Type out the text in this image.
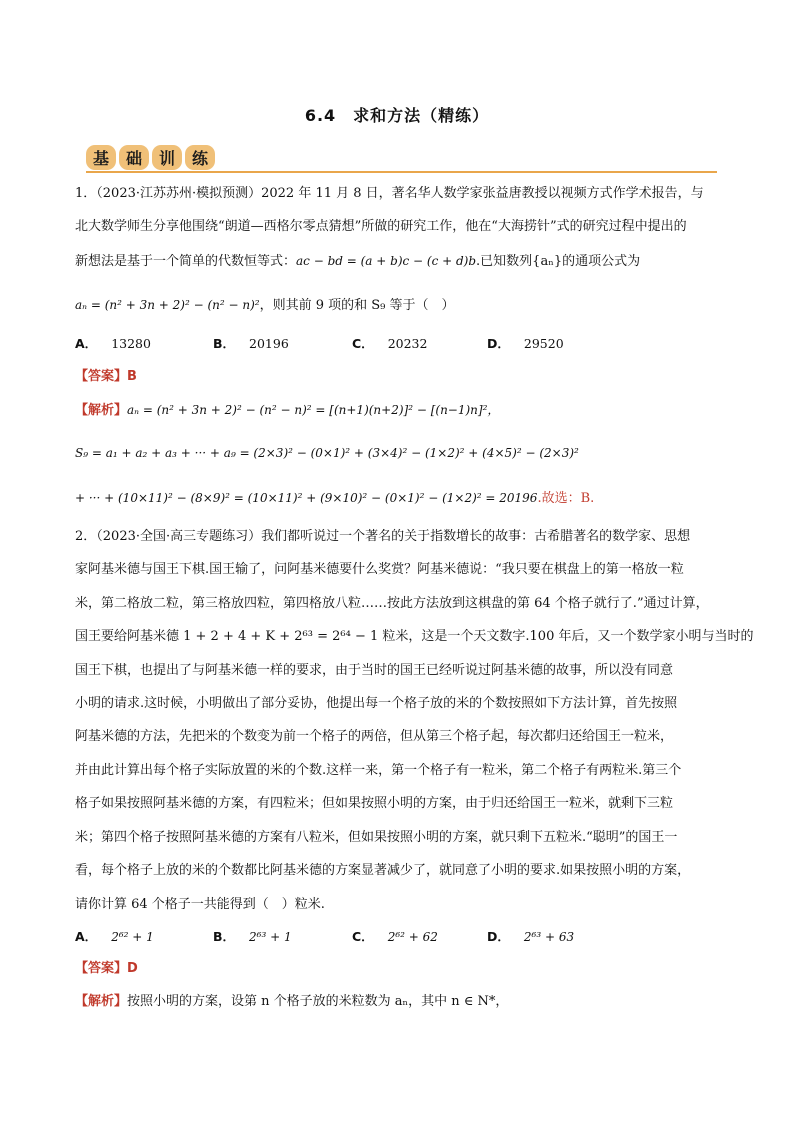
6.4　求和方法（精练）
基	础	训	练
1．（2023·江苏苏州·模拟预测）2022 年 11 月 8 日，著名华人数学家张益唐教授以视频方式作学术报告，与
北大数学师生分享他围绕“朗道—西格尔零点猜想”所做的研究工作，他在“大海捞针”式的研究过程中提出的
新想法是基于一个简单的代数恒等式：ac − bd = (a + b)c − (c + d)b.已知数列{aₙ}的通项公式为
aₙ = (n² + 3n + 2)² − (n² − n)²，则其前 9 项的和 S₉ 等于（　）
A． 13280	B． 20196	C． 20232	D． 29520
【答案】B
【解析】aₙ = (n² + 3n + 2)² − (n² − n)² = [(n+1)(n+2)]² − [(n−1)n]²，
S₉ = a₁ + a₂ + a₃ + ··· + a₉ = (2×3)² − (0×1)² + (3×4)² − (1×2)² + (4×5)² − (2×3)²
+ ··· + (10×11)² − (8×9)² = (10×11)² + (9×10)² − (0×1)² − (1×2)² = 20196.故选：B.
2．（2023·全国·高三专题练习）我们都听说过一个著名的关于指数增长的故事：古希腊著名的数学家、思想
家阿基米德与国王下棋.国王输了，问阿基米德要什么奖赏？阿基米德说：“我只要在棋盘上的第一格放一粒
米，第二格放二粒，第三格放四粒，第四格放八粒……按此方法放到这棋盘的第 64 个格子就行了.”通过计算，
国王要给阿基米德 1 + 2 + 4 + K + 2⁶³ = 2⁶⁴ − 1 粒米，这是一个天文数字.100 年后，又一个数学家小明与当时的
国王下棋，也提出了与阿基米德一样的要求，由于当时的国王已经听说过阿基米德的故事，所以没有同意
小明的请求.这时候，小明做出了部分妥协，他提出每一个格子放的米的个数按照如下方法计算，首先按照
阿基米德的方法，先把米的个数变为前一个格子的两倍，但从第三个格子起，每次都归还给国王一粒米，
并由此计算出每个格子实际放置的米的个数.这样一来，第一个格子有一粒米，第二个格子有两粒米.第三个
格子如果按照阿基米德的方案，有四粒米；但如果按照小明的方案，由于归还给国王一粒米，就剩下三粒
米；第四个格子按照阿基米德的方案有八粒米，但如果按照小明的方案，就只剩下五粒米.“聪明”的国王一
看，每个格子上放的米的个数都比阿基米德的方案显著减少了，就同意了小明的要求.如果按照小明的方案，
请你计算 64 个格子一共能得到（　）粒米.
A． 2⁶² + 1	B． 2⁶³ + 1	C． 2⁶² + 62	D． 2⁶³ + 63
【答案】D
【解析】按照小明的方案，设第 n 个格子放的米粒数为 aₙ，其中 n ∈ N*，
